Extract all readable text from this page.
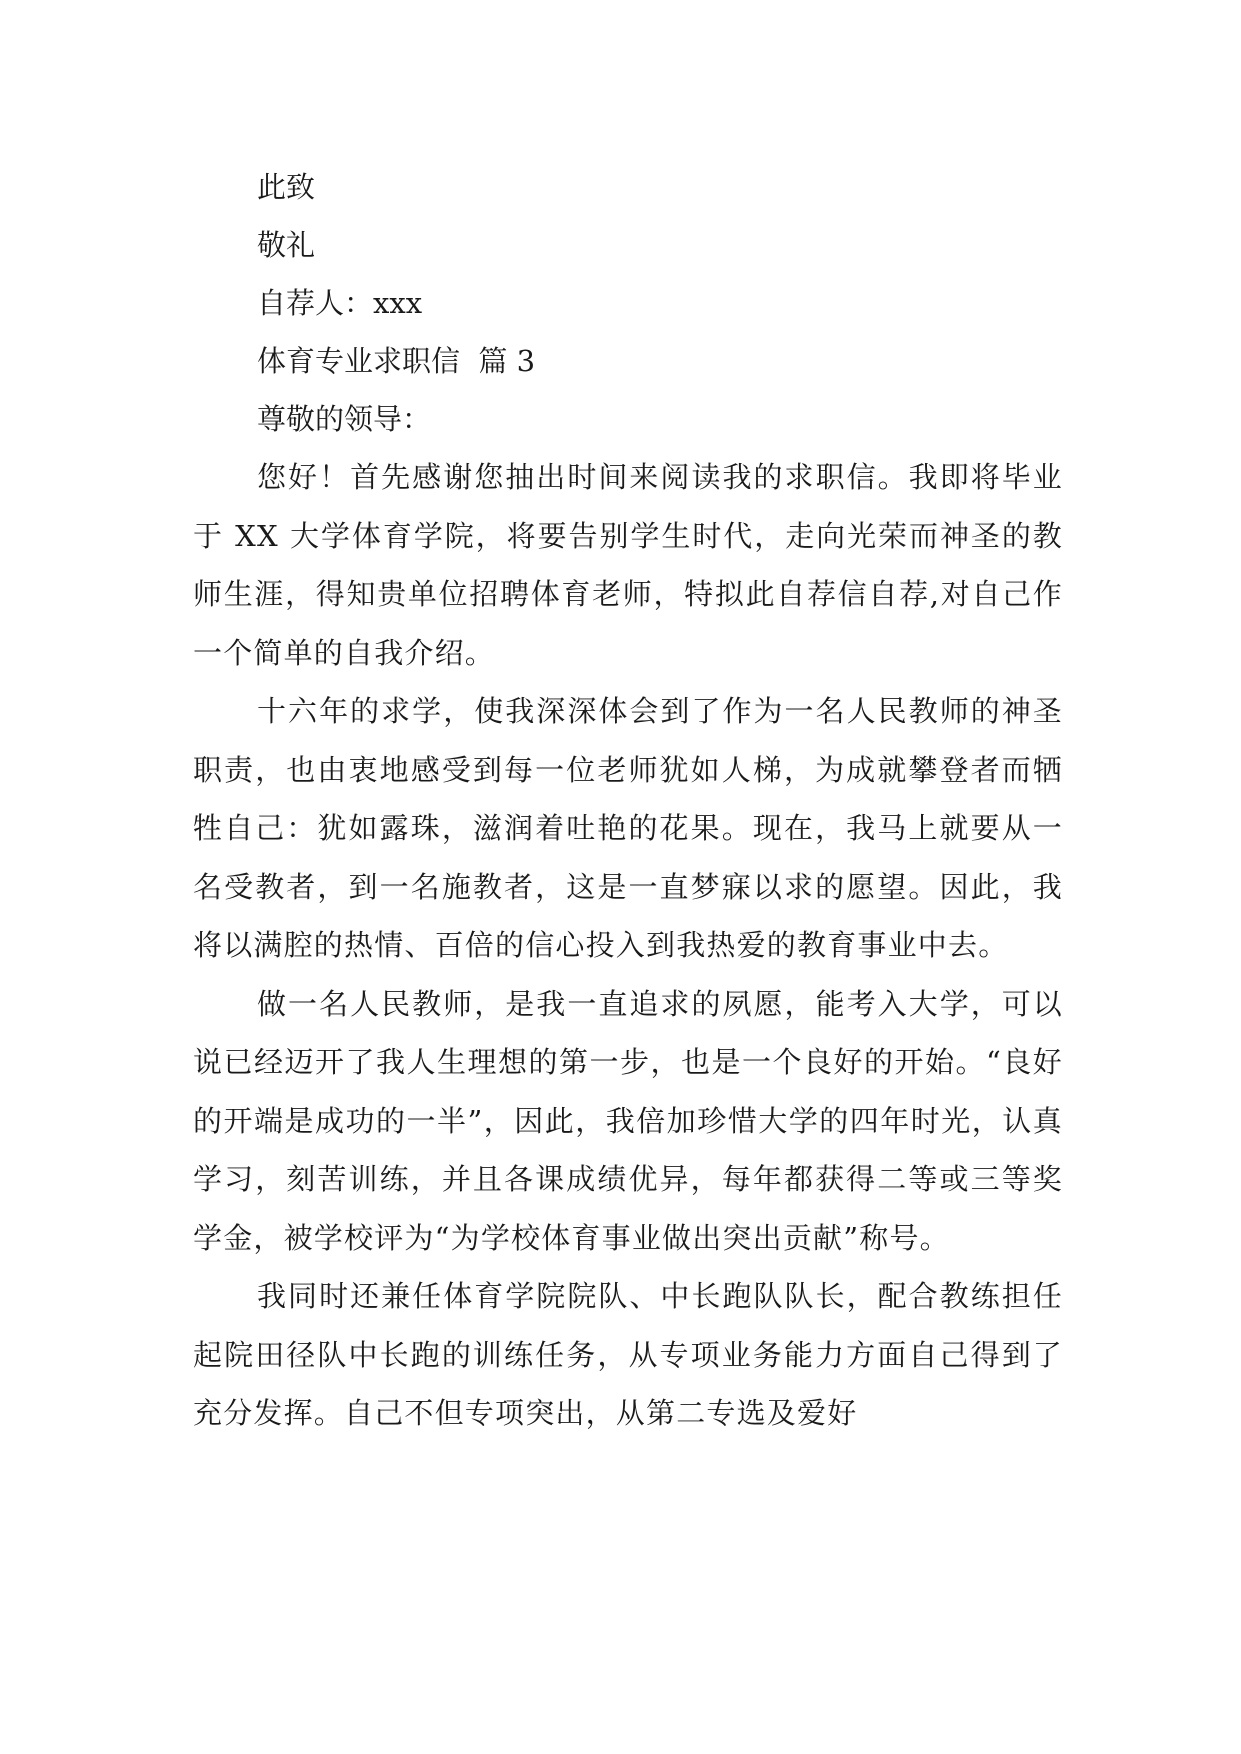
此致

敬礼

自荐人：xxx

体育专业求职信  篇 3

尊敬的领导：

您好！首先感谢您抽出时间来阅读我的求职信。我即将毕业于 XX 大学体育学院，将要告别学生时代，走向光荣而神圣的教师生涯，得知贵单位招聘体育老师，特拟此自荐信自荐,对自己作一个简单的自我介绍。

十六年的求学，使我深深体会到了作为一名人民教师的神圣职责，也由衷地感受到每一位老师犹如人梯，为成就攀登者而牺牲自己：犹如露珠，滋润着吐艳的花果。现在，我马上就要从一名受教者，到一名施教者，这是一直梦寐以求的愿望。因此，我将以满腔的热情、百倍的信心投入到我热爱的教育事业中去。

做一名人民教师，是我一直追求的夙愿，能考入大学，可以说已经迈开了我人生理想的第一步，也是一个良好的开始。“良好的开端是成功的一半”，因此，我倍加珍惜大学的四年时光，认真学习，刻苦训练，并且各课成绩优异，每年都获得二等或三等奖学金，被学校评为“为学校体育事业做出突出贡献”称号。

我同时还兼任体育学院院队、中长跑队队长，配合教练担任起院田径队中长跑的训练任务，从专项业务能力方面自己得到了充分发挥。自己不但专项突出，从第二专选及爱好
